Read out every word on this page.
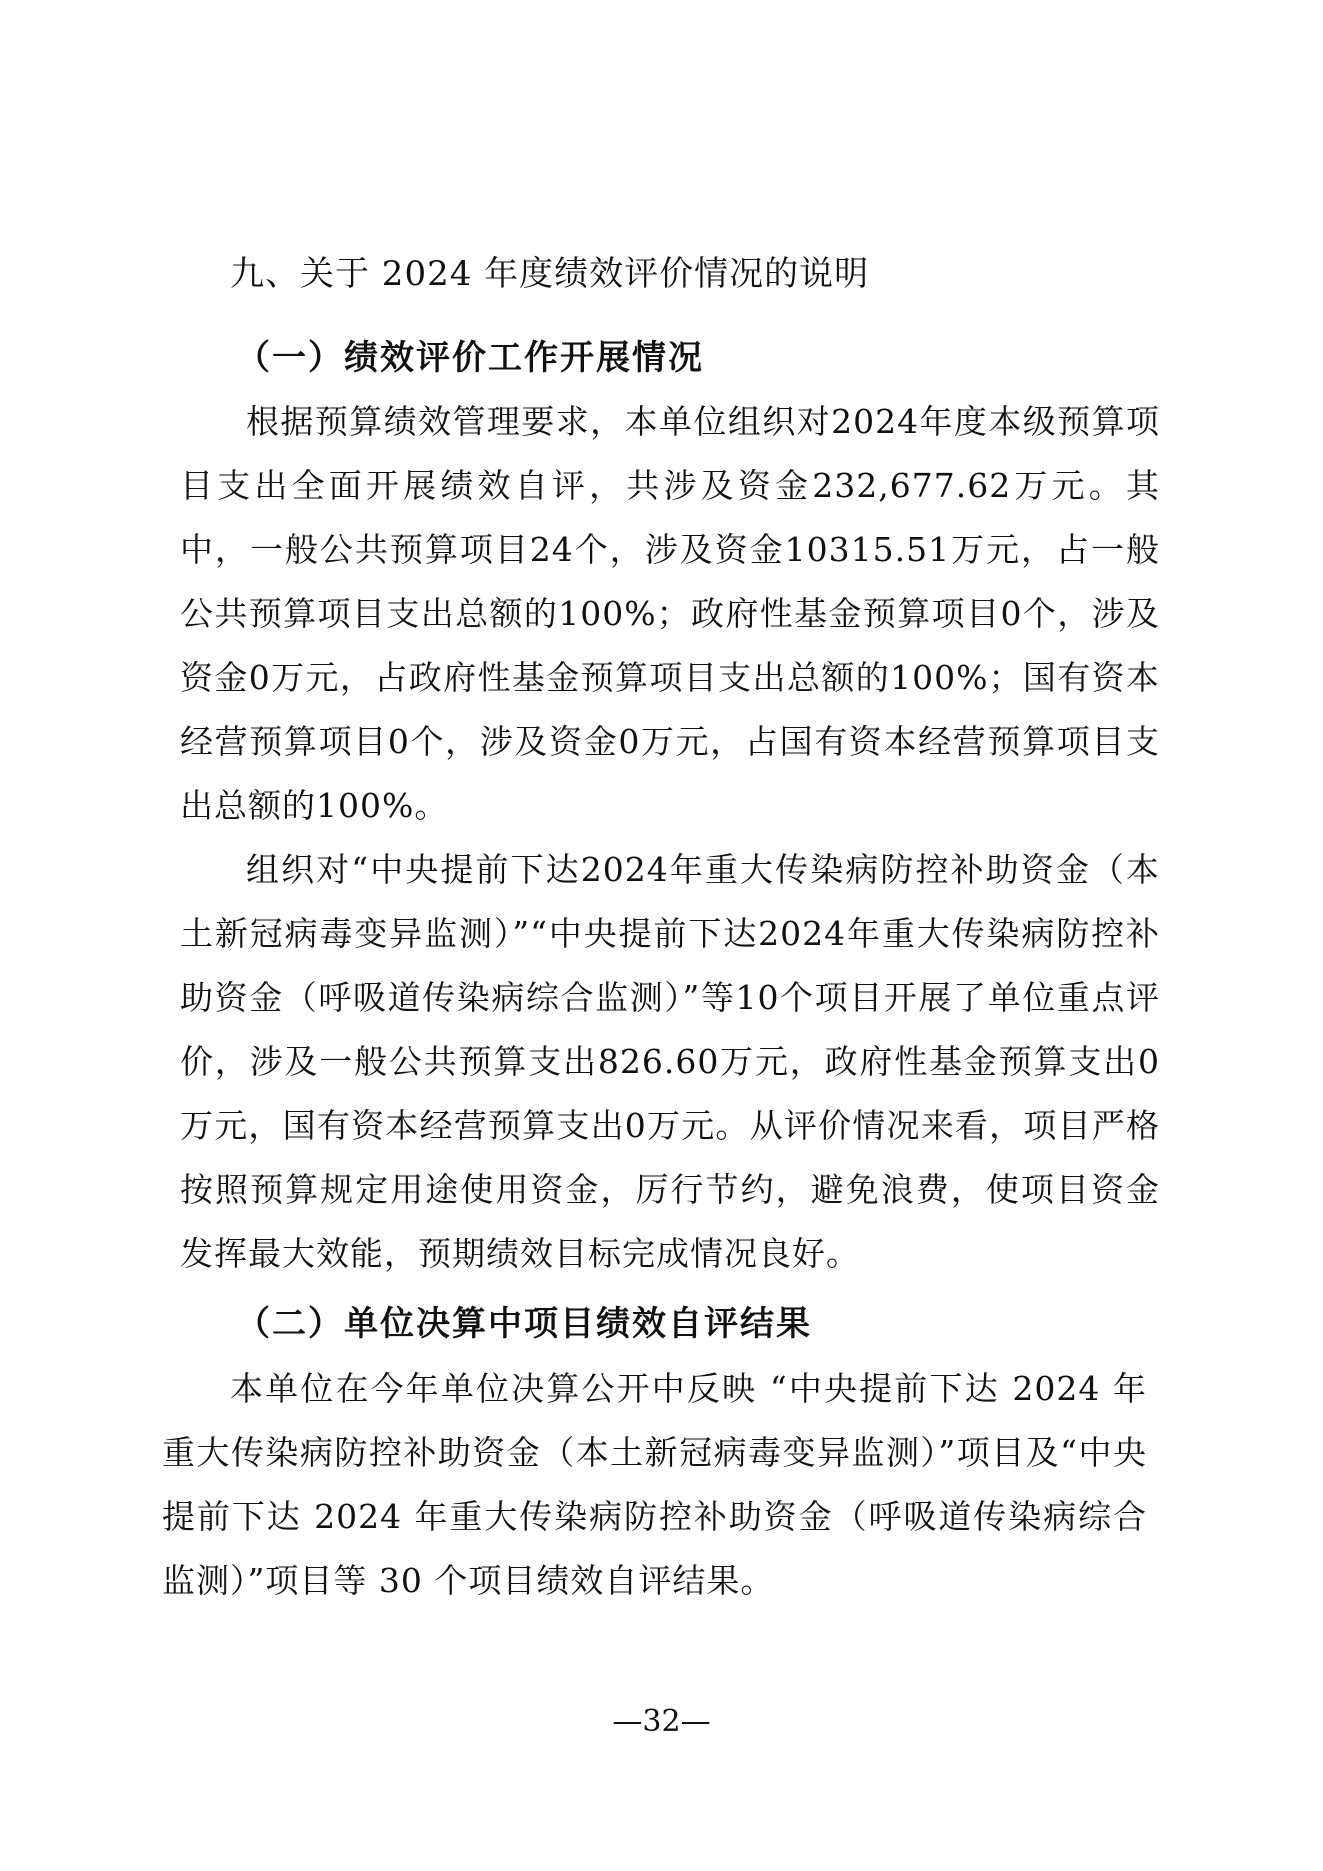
九、关于 2024 年度绩效评价情况的说明
（一）绩效评价工作开展情况

根据预算绩效管理要求，本单位组织对2024年度本级预算项目支出全面开展绩效自评，共涉及资金232,677.62万元。其中，一般公共预算项目24个，涉及资金10315.51万元，占一般公共预算项目支出总额的100%；政府性基金预算项目0个，涉及资金0万元，占政府性基金预算项目支出总额的100%；国有资本经营预算项目0个，涉及资金0万元，占国有资本经营预算项目支出总额的100%。

组织对“中央提前下达2024年重大传染病防控补助资金（本土新冠病毒变异监测）”“中央提前下达2024年重大传染病防控补助资金（呼吸道传染病综合监测）”等10个项目开展了单位重点评价，涉及一般公共预算支出826.60万元，政府性基金预算支出0万元，国有资本经营预算支出0万元。从评价情况来看，项目严格按照预算规定用途使用资金，厉行节约，避免浪费，使项目资金发挥最大效能，预期绩效目标完成情况良好。

（二）单位决算中项目绩效自评结果

本单位在今年单位决算公开中反映 “中央提前下达 2024 年重大传染病防控补助资金（本土新冠病毒变异监测）”项目及“中央提前下达 2024 年重大传染病防控补助资金（呼吸道传染病综合监测）”项目等 30 个项目绩效自评结果。

—32—
